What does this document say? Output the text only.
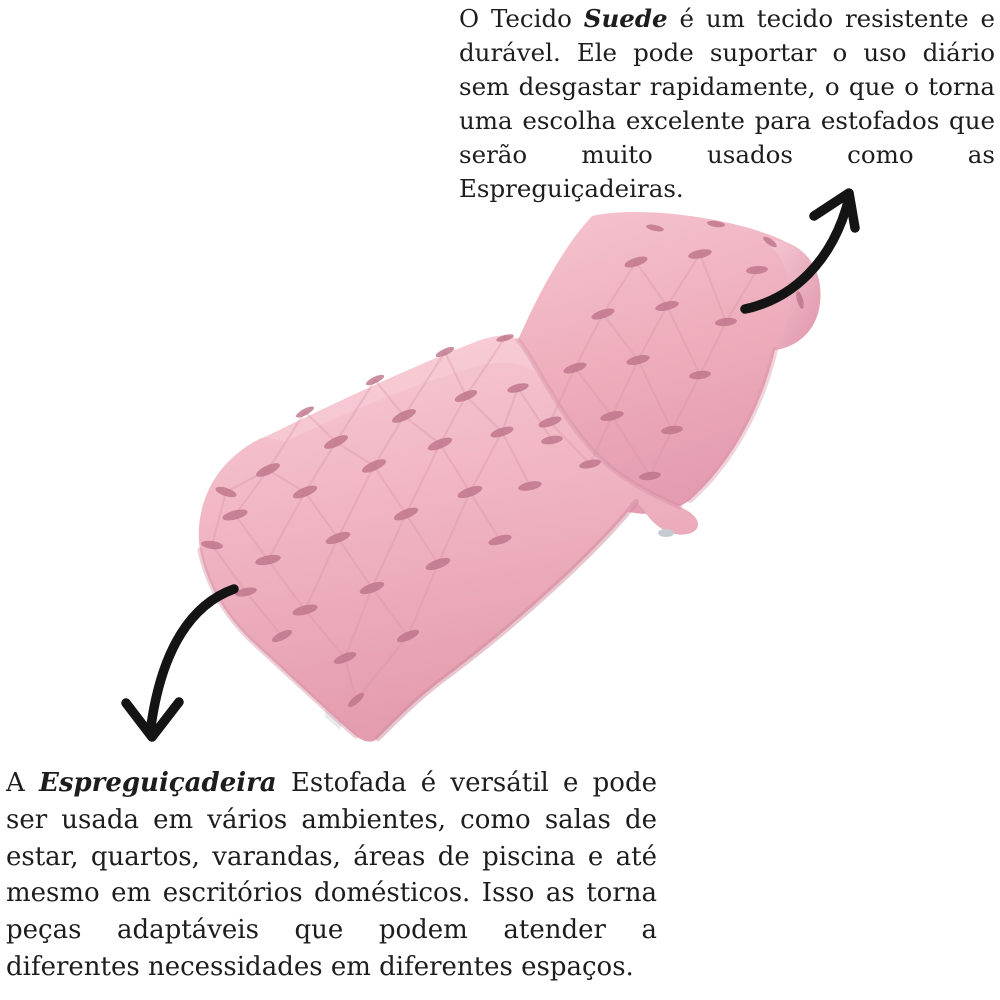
O Tecido Suede é um tecido resistente e durável. Ele pode suportar o uso diário sem desgastar rapidamente, o que o torna uma escolha excelente para estofados que serão muito usados como as Espreguiçadeiras.

A Espreguiçadeira Estofada é versátil e pode ser usada em vários ambientes, como salas de estar, quartos, varandas, áreas de piscina e até mesmo em escritórios domésticos. Isso as torna peças adaptáveis que podem atender a diferentes necessidades em diferentes espaços.
